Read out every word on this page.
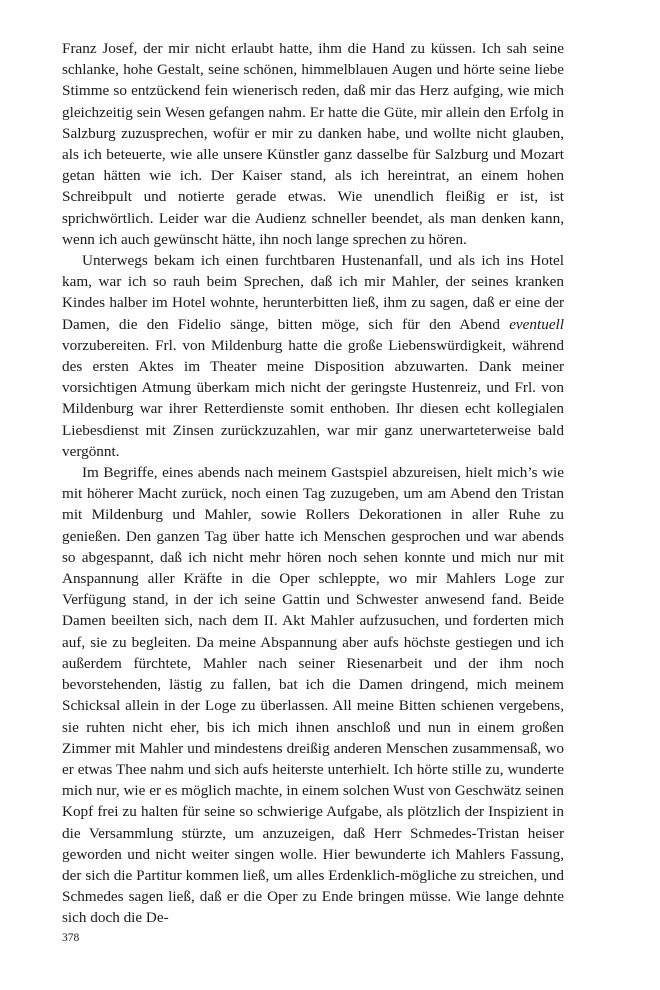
Franz Josef, der mir nicht erlaubt hatte, ihm die Hand zu küssen. Ich sah seine schlanke, hohe Gestalt, seine schönen, himmelblauen Augen und hörte seine liebe Stimme so entzückend fein wienerisch reden, daß mir das Herz aufging, wie mich gleichzeitig sein Wesen gefangen nahm. Er hatte die Güte, mir allein den Erfolg in Salzburg zuzusprechen, wofür er mir zu danken habe, und wollte nicht glauben, als ich beteuerte, wie alle unsere Künstler ganz dasselbe für Salzburg und Mozart getan hätten wie ich. Der Kaiser stand, als ich hereintrat, an einem hohen Schreibpult und notierte gerade etwas. Wie unendlich fleißig er ist, ist sprichwörtlich. Leider war die Audienz schneller beendet, als man denken kann, wenn ich auch gewünscht hätte, ihn noch lange sprechen zu hören.

Unterwegs bekam ich einen furchtbaren Hustenanfall, und als ich ins Hotel kam, war ich so rauh beim Sprechen, daß ich mir Mahler, der seines kranken Kindes halber im Hotel wohnte, herunterbitten ließ, ihm zu sagen, daß er eine der Damen, die den Fidelio sänge, bitten möge, sich für den Abend eventuell vorzubereiten. Frl. von Mildenburg hatte die große Liebenswürdigkeit, während des ersten Aktes im Theater meine Disposition abzuwarten. Dank meiner vorsichtigen Atmung überkam mich nicht der geringste Hustenreiz, und Frl. von Mildenburg war ihrer Retterdienste somit enthoben. Ihr diesen echt kollegialen Liebesdienst mit Zinsen zurückzuzahlen, war mir ganz unerwarteterweise bald vergönnt.

Im Begriffe, eines abends nach meinem Gastspiel abzureisen, hielt mich’s wie mit höherer Macht zurück, noch einen Tag zuzugeben, um am Abend den Tristan mit Mildenburg und Mahler, sowie Rollers Dekorationen in aller Ruhe zu genießen. Den ganzen Tag über hatte ich Menschen gesprochen und war abends so abgespannt, daß ich nicht mehr hören noch sehen konnte und mich nur mit Anspannung aller Kräfte in die Oper schleppte, wo mir Mahlers Loge zur Verfügung stand, in der ich seine Gattin und Schwester anwesend fand. Beide Damen beeilten sich, nach dem II. Akt Mahler aufzusuchen, und forderten mich auf, sie zu begleiten. Da meine Abspannung aber aufs höchste gestiegen und ich außerdem fürchtete, Mahler nach seiner Riesenarbeit und der ihm noch bevorstehenden, lästig zu fallen, bat ich die Damen dringend, mich meinem Schicksal allein in der Loge zu überlassen. All meine Bitten schienen vergebens, sie ruhten nicht eher, bis ich mich ihnen anschloß und nun in einem großen Zimmer mit Mahler und mindestens dreißig anderen Menschen zusammensaß, wo er etwas Thee nahm und sich aufs heiterste unterhielt. Ich hörte stille zu, wunderte mich nur, wie er es möglich machte, in einem solchen Wust von Geschwätz seinen Kopf frei zu halten für seine so schwierige Aufgabe, als plötzlich der Inspizient in die Versammlung stürzte, um anzuzeigen, daß Herr Schmedes-Tristan heiser geworden und nicht weiter singen wolle. Hier bewunderte ich Mahlers Fassung, der sich die Partitur kommen ließ, um alles Erdenklich-mögliche zu streichen, und Schmedes sagen ließ, daß er die Oper zu Ende bringen müsse. Wie lange dehnte sich doch die De-

378
